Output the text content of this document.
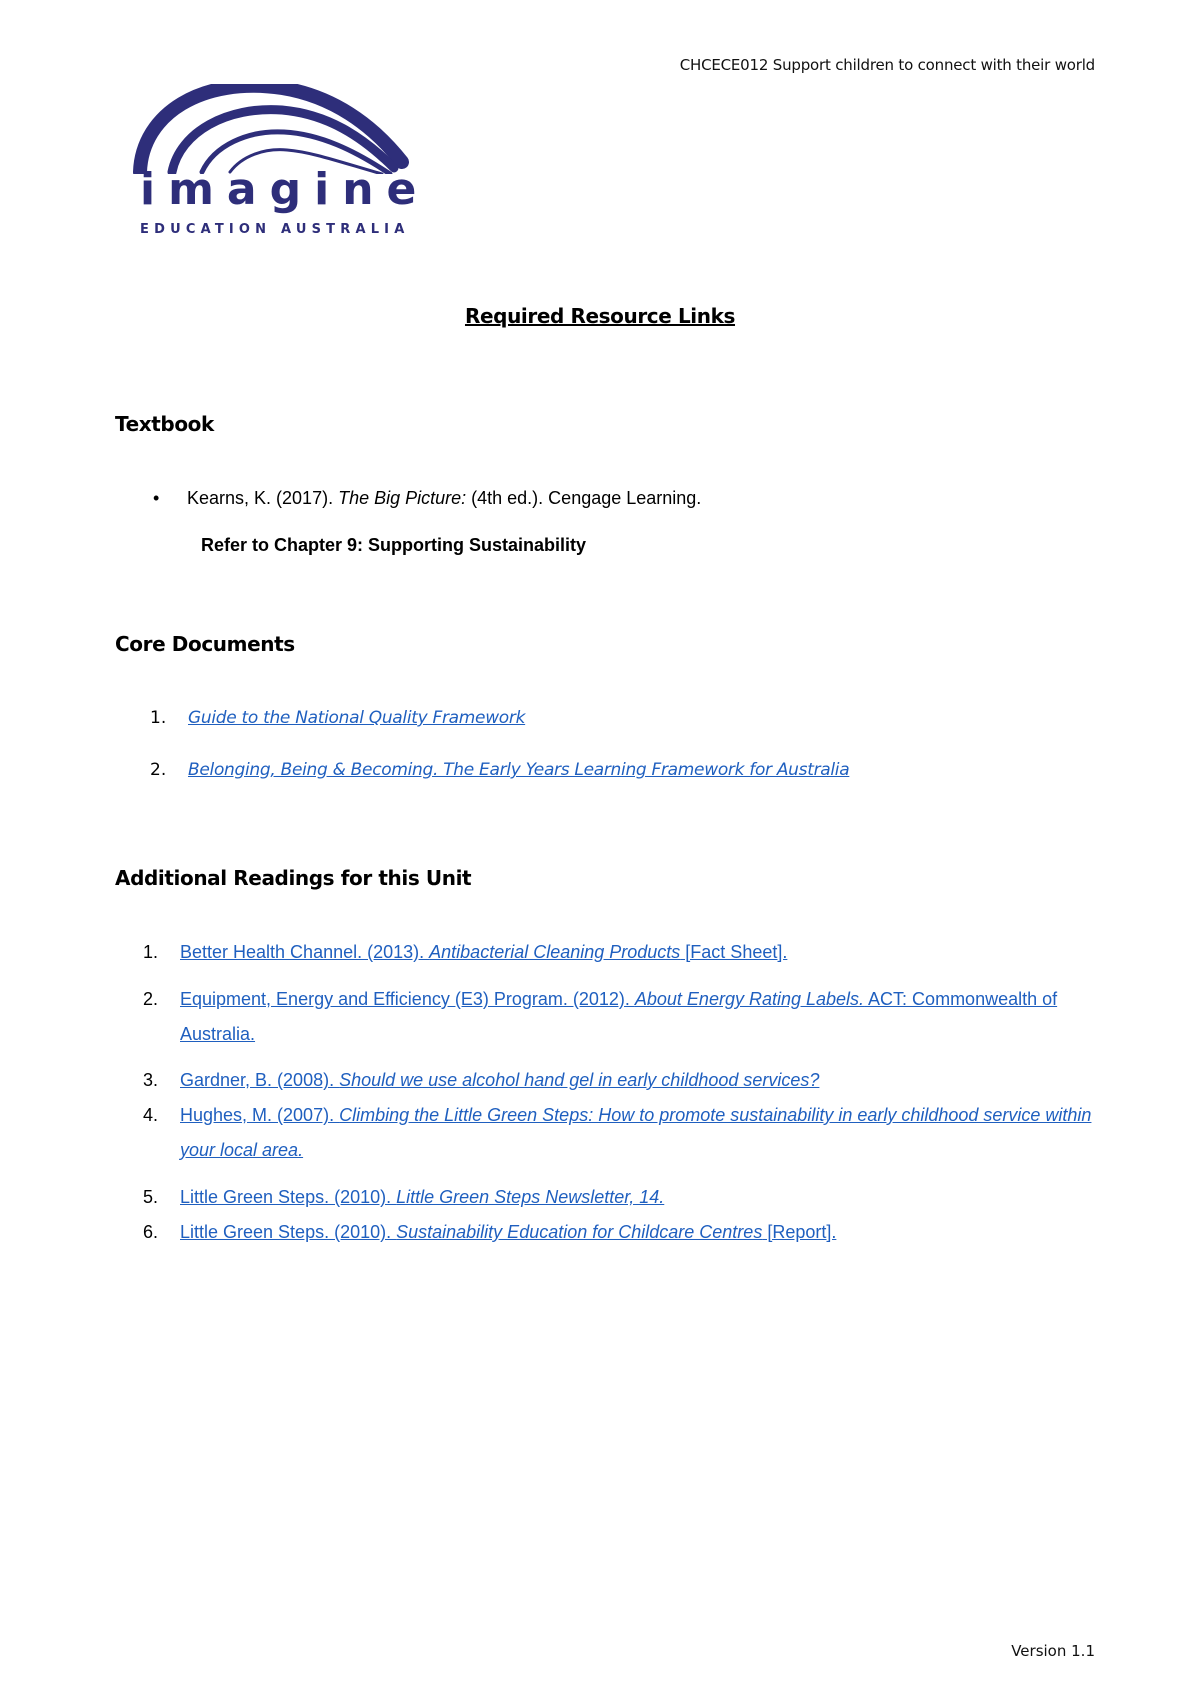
CHCECE012 Support children to connect with their world
imagine
EDUCATION AUSTRALIA
Required Resource Links
Textbook
•	Kearns, K. (2017). The Big Picture: (4th ed.). Cengage Learning.
Refer to Chapter 9: Supporting Sustainability
Core Documents
1. Guide to the National Quality Framework
2. Belonging, Being & Becoming. The Early Years Learning Framework for Australia
Additional Readings for this Unit
1. Better Health Channel. (2013). Antibacterial Cleaning Products [Fact Sheet].
2. Equipment, Energy and Efficiency (E3) Program. (2012). About Energy Rating Labels. ACT: Commonwealth of Australia.
3. Gardner, B. (2008). Should we use alcohol hand gel in early childhood services?
4. Hughes, M. (2007). Climbing the Little Green Steps: How to promote sustainability in early childhood service within your local area.
5. Little Green Steps. (2010). Little Green Steps Newsletter, 14.
6. Little Green Steps. (2010). Sustainability Education for Childcare Centres [Report].
Version 1.1
